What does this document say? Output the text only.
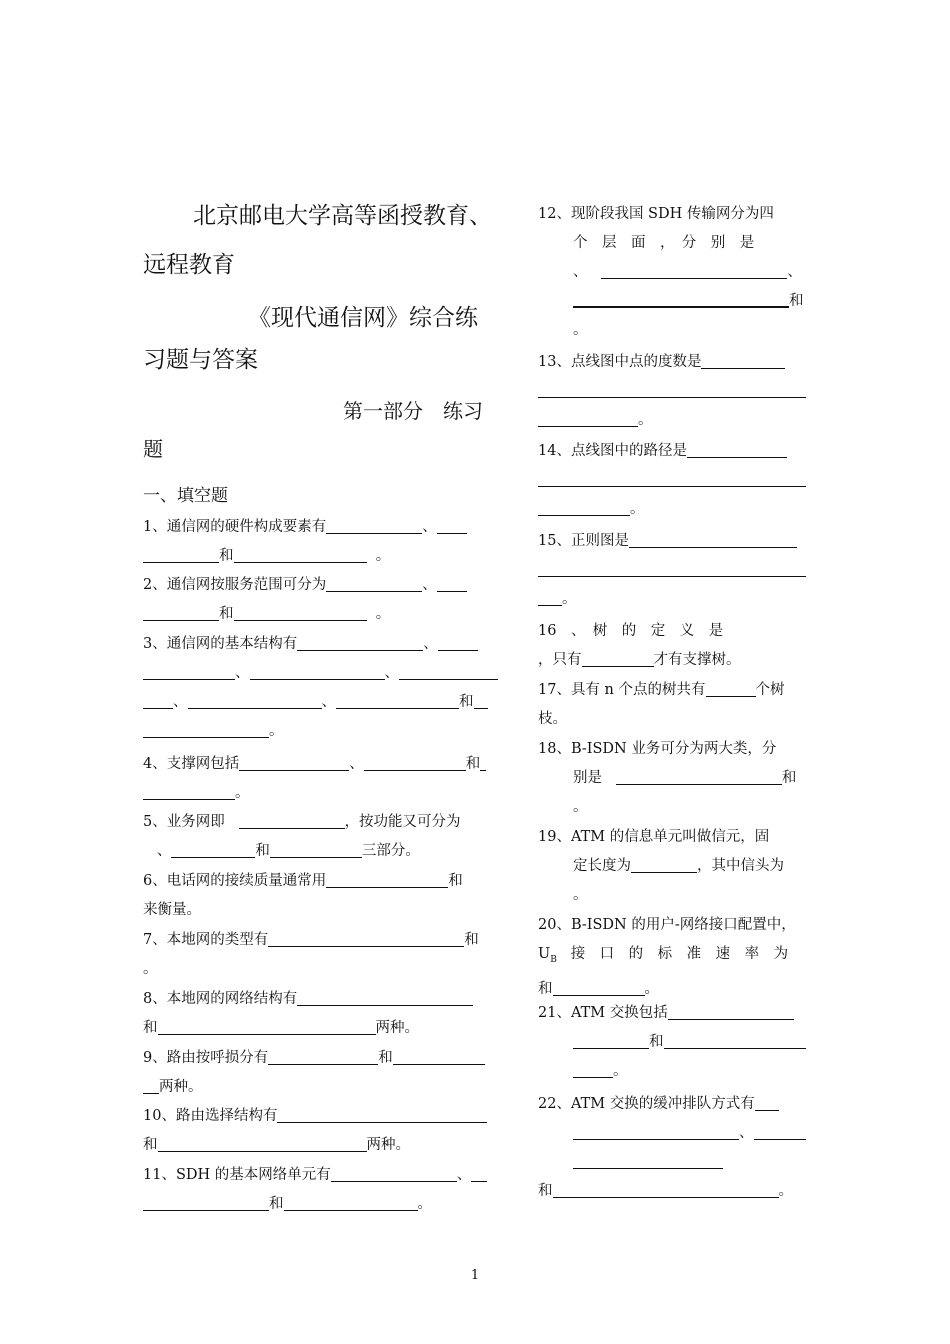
北京邮电大学高等函授教育、
远程教育
《现代通信网》综合练
习题与答案
第一部分　练习
题
一、填空题
1、通信网的硬件构成要素有	、
和	。
2、通信网按服务范围可分为	、
和	。
3、通信网的基本结构有	、
、	、
、	、	和
。
4、支撑网包括	、	和
。
5、业务网即	，按功能又可分为
、	和	三部分。
6、电话网的接续质量通常用	和
来衡量。
7、本地网的类型有	和
。
8、本地网的网络结构有
和	两种。
9、路由按呼损分有	和
两种。
10、路由选择结构有
和	两种。
11、SDH 的基本网络单元有	、
和	。
12、现阶段我国 SDH 传输网分为四
个　层　面　，　分　别　是
、	、
和
。
13、点线图中点的度数是

。
14、点线图中的路径是

。
15、正则图是

。
16　、　树　的　定　义　是
，只有	才有支撑树。
17、具有 n 个点的树共有	个树
枝。
18、B-ISDN 业务可分为两大类，分
别是	和
。
19、ATM 的信息单元叫做信元，固
定长度为	，其中信头为
。
20、B-ISDN 的用户-网络接口配置中，
$U_B$ 接　口　的　标　准　速　率　为
和	。
21、ATM 交换包括
和
。
22、ATM 交换的缓冲排队方式有
、

和	。
1
